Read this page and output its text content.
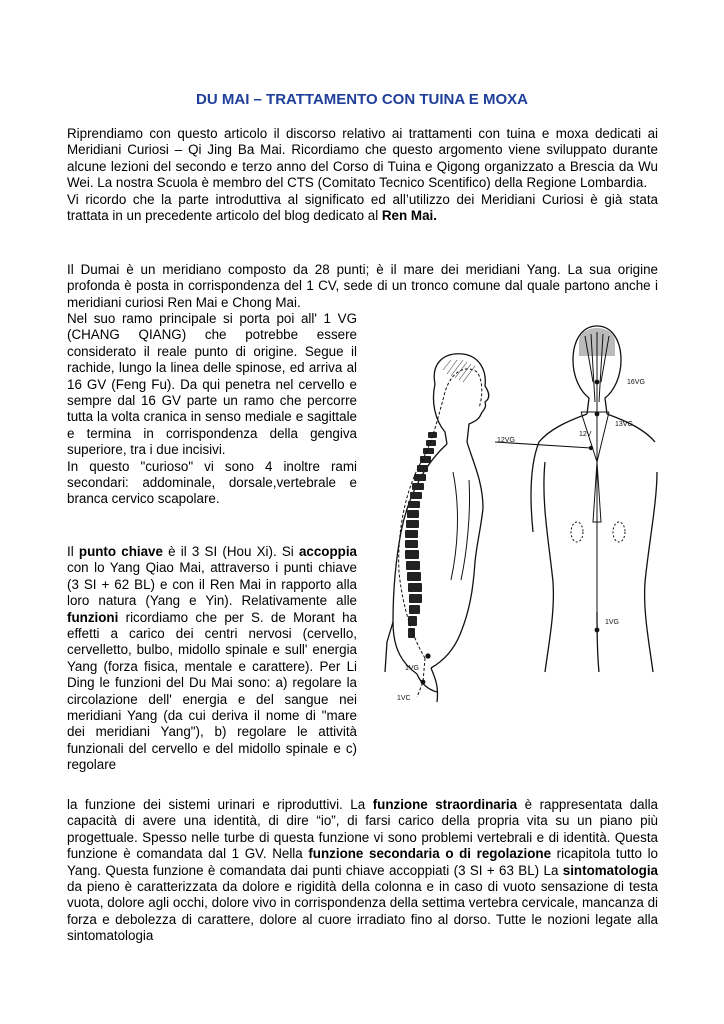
DU MAI – TRATTAMENTO CON TUINA E MOXA

Riprendiamo con questo articolo il discorso relativo ai trattamenti con tuina e moxa dedicati ai Meridiani Curiosi – Qi Jing Ba Mai. Ricordiamo che questo argomento viene sviluppato durante alcune lezioni del secondo e terzo anno del Corso di Tuina e Qigong organizzato a Brescia da Wu Wei. La nostra Scuola è membro del CTS (Comitato Tecnico Scentifico) della Regione Lombardia.
Vi ricordo che la parte introduttiva al significato ed all’utilizzo dei Meridiani Curiosi è già stata trattata in un precedente articolo del blog dedicato al Ren Mai.

Il Dumai è un meridiano composto da 28 punti; è il mare dei meridiani Yang. La sua origine profonda è posta in corrispondenza del 1 CV, sede di un tronco comune dal quale partono anche i meridiani curiosi Ren Mai e Chong Mai.

Nel suo ramo principale si porta poi all' 1 VG (CHANG QIANG) che potrebbe essere considerato il reale punto di origine. Segue il rachide, lungo la linea delle spinose, ed arriva al 16 GV (Feng Fu). Da qui penetra nel cervello e sempre dal 16 GV parte un ramo che percorre tutta la volta cranica in senso mediale e sagittale e termina in corrispondenza della gengiva superiore, tra i due incisivi.
In questo "curioso" vi sono 4 inoltre rami secondari: addominale, dorsale,vertebrale e branca cervico scapolare.

Il punto chiave è il 3 SI (Hou Xi). Si accoppia con lo Yang Qiao Mai, attraverso i punti chiave (3 SI + 62 BL) e con il Ren Mai in rapporto alla loro natura (Yang e Yin). Relativamente alle funzioni ricordiamo che per S. de Morant ha effetti a carico dei centri nervosi (cervello, cervelletto, bulbo, midollo spinale e sull' energia Yang (forza fisica, mentale e carattere). Per Li Ding le funzioni del Du Mai sono: a) regolare la circolazione dell' energia e del sangue nei meridiani Yang (da cui deriva il nome di "mare dei meridiani Yang"), b) regolare le attività funzionali del cervello e del midollo spinale e c) regolare

la funzione dei sistemi urinari e riproduttivi. La funzione straordinaria è rappresentata dalla capacità di avere una identità, di dire “io”, di farsi carico della propria vita su un piano più progettuale. Spesso nelle turbe di questa funzione vi sono problemi vertebrali e di identità. Questa funzione è comandata dal 1 GV. Nella funzione secondaria o di regolazione ricapitola tutto lo Yang. Questa funzione è comandata dai punti chiave accoppiati (3 SI + 63 BL) La sintomatologia da pieno è caratterizzata da dolore e rigidità della colonna e in caso di vuoto sensazione di testa vuota, dolore agli occhi, dolore vivo in corrispondenza della settima vertebra cervicale, mancanza di forza e debolezza di carattere, dolore al cuore irradiato fino al dorso. Tutte le nozioni legate alla sintomatologia

1VG
1VC
16VG
13VG
12V
12VG
1VG
